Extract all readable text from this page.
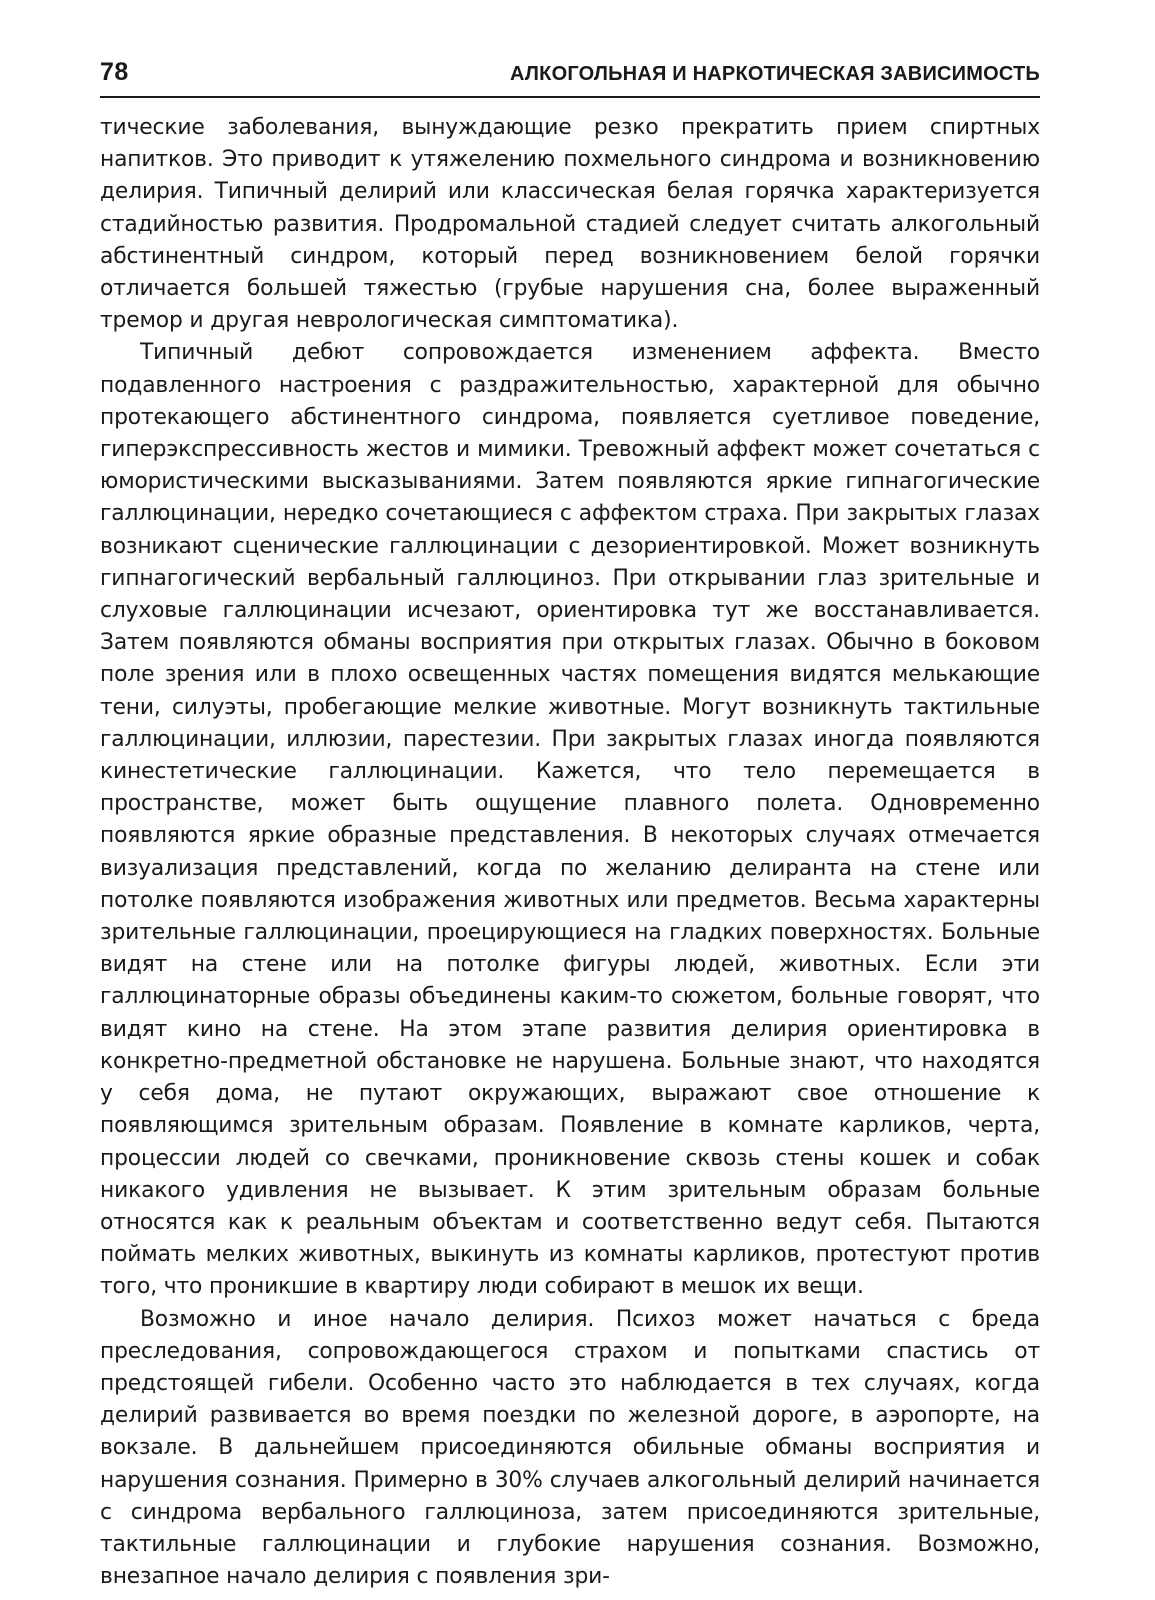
78	АЛКОГОЛЬНАЯ И НАРКОТИЧЕСКАЯ ЗАВИСИМОСТЬ

тические заболевания, вынуждающие резко прекратить прием спиртных напитков. Это приводит к утяжелению похмельного синдрома и возникновению делирия. Типичный делирий или классическая белая горячка характеризуется стадийностью развития. Продромальной стадией следует считать алкогольный абстинентный синдром, который перед возникновением белой горячки отличается большей тяжестью (грубые нарушения сна, более выраженный тремор и другая неврологическая симптоматика).

Типичный дебют сопровождается изменением аффекта. Вместо подавленного настроения с раздражительностью, характерной для обычно протекающего абстинентного синдрома, появляется суетливое поведение, гиперэкспрессивность жестов и мимики. Тревожный аффект может сочетаться с юмористическими высказываниями. Затем появляются яркие гипнагогические галлюцинации, нередко сочетающиеся с аффектом страха. При закрытых глазах возникают сценические галлюцинации с дезориентировкой. Может возникнуть гипнагогический вербальный галлюциноз. При открывании глаз зрительные и слуховые галлюцинации исчезают, ориентировка тут же восстанавливается. Затем появляются обманы восприятия при открытых глазах. Обычно в боковом поле зрения или в плохо освещенных частях помещения видятся мелькающие тени, силуэты, пробегающие мелкие животные. Могут возникнуть тактильные галлюцинации, иллюзии, парестезии. При закрытых глазах иногда появляются кинестетические галлюцинации. Кажется, что тело перемещается в пространстве, может быть ощущение плавного полета. Одновременно появляются яркие образные представления. В некоторых случаях отмечается визуализация представлений, когда по желанию делиранта на стене или потолке появляются изображения животных или предметов. Весьма характерны зрительные галлюцинации, проецирующиеся на гладких поверхностях. Больные видят на стене или на потолке фигуры людей, животных. Если эти галлюцинаторные образы объединены каким-то сюжетом, больные говорят, что видят кино на стене. На этом этапе развития делирия ориентировка в конкретно-предметной обстановке не нарушена. Больные знают, что находятся у себя дома, не путают окружающих, выражают свое отношение к появляющимся зрительным образам. Появление в комнате карликов, черта, процессии людей со свечками, проникновение сквозь стены кошек и собак никакого удивления не вызывает. К этим зрительным образам больные относятся как к реальным объектам и соответственно ведут себя. Пытаются поймать мелких животных, выкинуть из комнаты карликов, протестуют против того, что проникшие в квартиру люди собирают в мешок их вещи.

Возможно и иное начало делирия. Психоз может начаться с бреда преследования, сопровождающегося страхом и попытками спастись от предстоящей гибели. Особенно часто это наблюдается в тех случаях, когда делирий развивается во время поездки по железной дороге, в аэропорте, на вокзале. В дальнейшем присоединяются обильные обманы восприятия и нарушения сознания. Примерно в 30% случаев алкогольный делирий начинается с синдрома вербального галлюциноза, затем присоединяются зрительные, тактильные галлюцинации и глубокие нарушения сознания. Возможно, внезапное начало делирия с появления зри-
